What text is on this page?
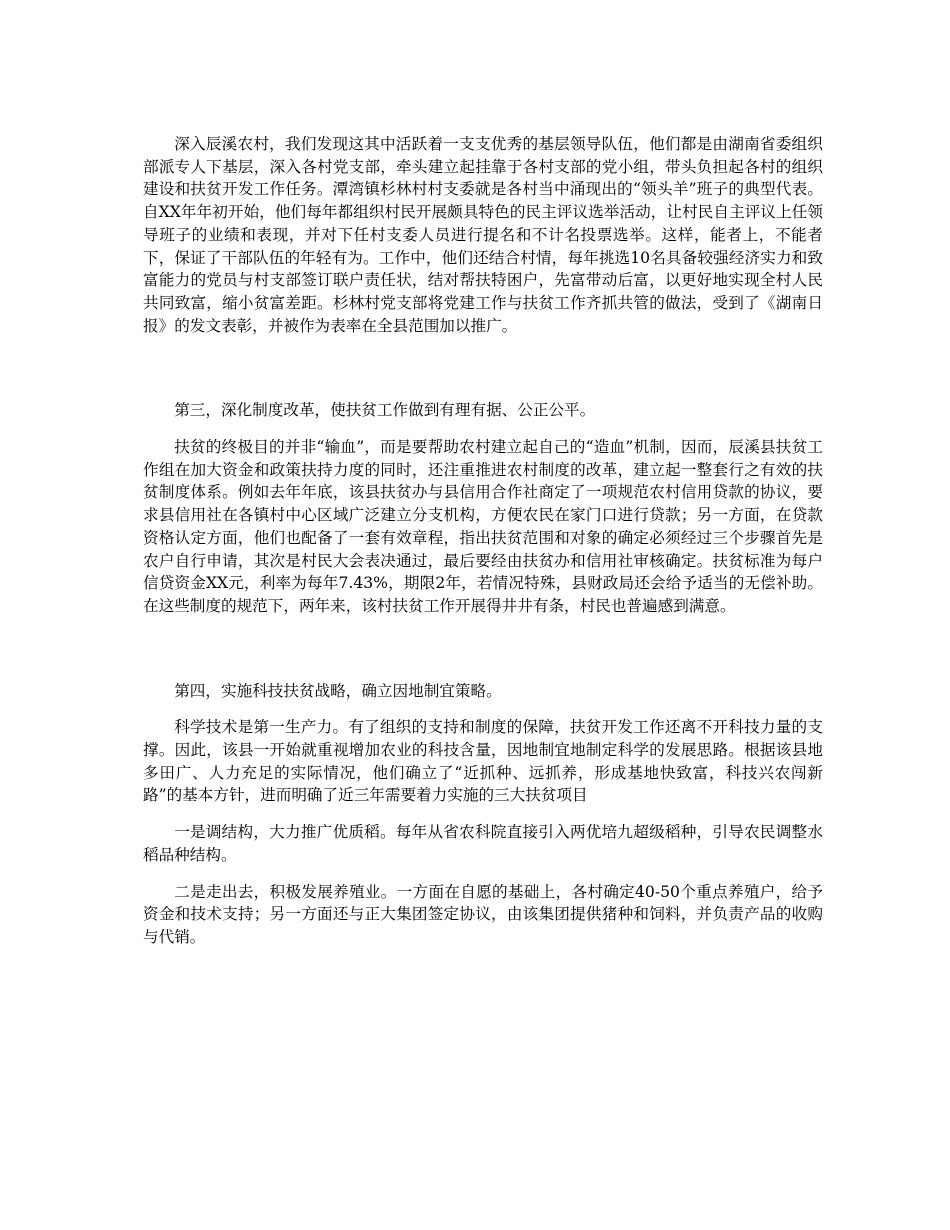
深入辰溪农村，我们发现这其中活跃着一支支优秀的基层领导队伍，他们都是由湖南省委组织部派专人下基层，深入各村党支部，牵头建立起挂靠于各村支部的党小组，带头负担起各村的组织建设和扶贫开发工作任务。潭湾镇杉林村村支委就是各村当中涌现出的“领头羊”班子的典型代表。自XX年年初开始，他们每年都组织村民开展颇具特色的民主评议选举活动，让村民自主评议上任领导班子的业绩和表现，并对下任村支委人员进行提名和不计名投票选举。这样，能者上，不能者下，保证了干部队伍的年轻有为。工作中，他们还结合村情，每年挑选10名具备较强经济实力和致富能力的党员与村支部签订联户责任状，结对帮扶特困户，先富带动后富，以更好地实现全村人民共同致富，缩小贫富差距。杉林村党支部将党建工作与扶贫工作齐抓共管的做法，受到了《湖南日报》的发文表彰，并被作为表率在全县范围加以推广。

第三，深化制度改革，使扶贫工作做到有理有据、公正公平。

扶贫的终极目的并非“输血”，而是要帮助农村建立起自己的“造血”机制，因而，辰溪县扶贫工作组在加大资金和政策扶持力度的同时，还注重推进农村制度的改革，建立起一整套行之有效的扶贫制度体系。例如去年年底，该县扶贫办与县信用合作社商定了一项规范农村信用贷款的协议，要求县信用社在各镇村中心区域广泛建立分支机构，方便农民在家门口进行贷款；另一方面，在贷款资格认定方面，他们也配备了一套有效章程，指出扶贫范围和对象的确定必须经过三个步骤首先是农户自行申请，其次是村民大会表决通过，最后要经由扶贫办和信用社审核确定。扶贫标准为每户信贷资金XX元，利率为每年7.43%，期限2年，若情况特殊，县财政局还会给予适当的无偿补助。在这些制度的规范下，两年来，该村扶贫工作开展得井井有条，村民也普遍感到满意。

第四，实施科技扶贫战略，确立因地制宜策略。

科学技术是第一生产力。有了组织的支持和制度的保障，扶贫开发工作还离不开科技力量的支撑。因此，该县一开始就重视增加农业的科技含量，因地制宜地制定科学的发展思路。根据该县地多田广、人力充足的实际情况，他们确立了“近抓种、远抓养，形成基地快致富，科技兴农闯新路”的基本方针，进而明确了近三年需要着力实施的三大扶贫项目

一是调结构，大力推广优质稻。每年从省农科院直接引入两优培九超级稻种，引导农民调整水稻品种结构。

二是走出去，积极发展养殖业。一方面在自愿的基础上，各村确定40-50个重点养殖户，给予资金和技术支持；另一方面还与正大集团签定协议，由该集团提供猪种和饲料，并负责产品的收购与代销。
